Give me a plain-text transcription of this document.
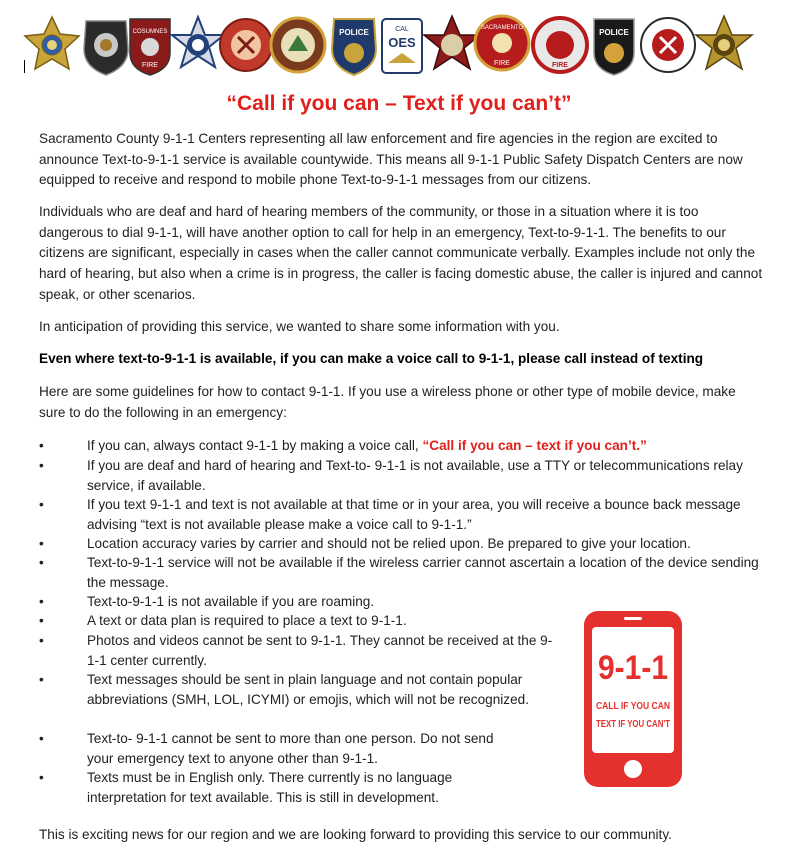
COSUMNES
FIRE
POLICE	CAL
OES
SACRAMENTO
FIRE	FIRE
POLICE
“Call if you can – Text if you can’t”
Sacramento County 9-1-1 Centers representing all law enforcement and fire agencies in the region are excited to announce Text-to-9-1-1 service is available countywide. This means all 9-1-1 Public Safety Dispatch Centers are now equipped to receive and respond to mobile phone Text-to-9-1-1 messages from our citizens.
Individuals who are deaf and hard of hearing members of the community, or those in a situation where it is too dangerous to dial 9-1-1, will have another option to call for help in an emergency, Text-to-9-1-1. The benefits to our citizens are significant, especially in cases when the caller cannot communicate verbally. Examples include not only the hard of hearing, but also when a crime is in progress, the caller is facing domestic abuse, the caller is injured and cannot speak, or other scenarios.
In anticipation of providing this service, we wanted to share some information with you.
Even where text-to-9-1-1 is available, if you can make a voice call to 9-1-1, please call instead of texting
Here are some guidelines for how to contact 9-1-1. If you use a wireless phone or other type of mobile device, make sure to do the following in an emergency:
•	If you can, always contact 9-1-1 by making a voice call, “Call if you can – text if you can’t.”
•	If you are deaf and hard of hearing and Text-to- 9-1-1 is not available, use a TTY or telecommunications relay service, if available.
•	If you text 9-1-1 and text is not available at that time or in your area, you will receive a bounce back message advising “text is not available please make a voice call to 9-1-1.”
•	Location accuracy varies by carrier and should not be relied upon. Be prepared to give your location.
•	Text-to-9-1-1 service will not be available if the wireless carrier cannot ascertain a location of the device sending the message.
•	Text-to-9-1-1 is not available if you are roaming.
•	A text or data plan is required to place a text to 9-1-1.
•	Photos and videos cannot be sent to 9-1-1. They cannot be received at the 9-1-1 center currently.
•	Text messages should be sent in plain language and not contain popular abbreviations (SMH, LOL, ICYMI) or emojis, which will not be recognized.
•	Text-to- 9-1-1 cannot be sent to more than one person. Do not send your emergency text to anyone other than 9-1-1.
•	Texts must be in English only. There currently is no language interpretation for text available. This is still in development.
9-1-1
CALL IF YOU CAN
TEXT IF YOU CAN'T
This is exciting news for our region and we are looking forward to providing this service to our community.
